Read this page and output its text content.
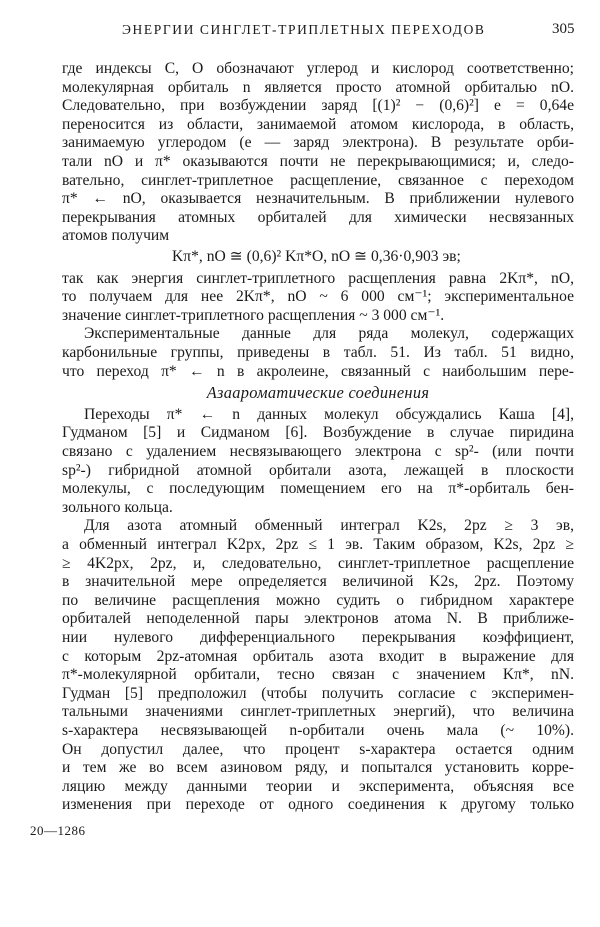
ЭНЕРГИИ СИНГЛЕТ-ТРИПЛЕТНЫХ ПЕРЕХОДОВ	305
где индексы С, О обозначают углерод и кислород соответственно;
молекулярная орбиталь n является просто атомной орбиталью nO.
Следовательно, при возбуждении заряд [(1)² − (0,6)²] e = 0,64e
переносится из области, занимаемой атомом кислорода, в область,
занимаемую углеродом (e — заряд электрона). В результате орби-
тали nO и π* оказываются почти не перекрывающимися; и, следо-
вательно, синглет-триплетное расщепление, связанное с переходом
π* ← nO, оказывается незначительным. В приближении нулевого
перекрывания атомных орбиталей для химически несвязанных
атомов получим
Kπ*, nO ≅ (0,6)² Kπ*O, nO ≅ 0,36·0,903 эв;
так как энергия синглет-триплетного расщепления равна 2Kπ*, nO,
то получаем для нее 2Kπ*, nO ~ 6 000 см⁻¹; экспериментальное
значение синглет-триплетного расщепления ~ 3 000 см⁻¹.
Экспериментальные данные для ряда молекул, содержащих
карбонильные группы, приведены в табл. 51. Из табл. 51 видно,
что переход π* ← n в акролеине, связанный с наибольшим пере-
Азаароматические соединения
Переходы π* ← n данных молекул обсуждались Каша [4],
Гудманом [5] и Сидманом [6]. Возбуждение в случае пиридина
связано с удалением несвязывающего электрона с sp²- (или почти
sp²-) гибридной атомной орбитали азота, лежащей в плоскости
молекулы, с последующим помещением его на π*-орбиталь бен-
зольного кольца.
Для азота атомный обменный интеграл K2s, 2pz ≥ 3 эв,
а обменный интеграл K2px, 2pz ≤ 1 эв. Таким образом, K2s, 2pz ≥
≥ 4K2px, 2pz, и, следовательно, синглет-триплетное расщепление
в значительной мере определяется величиной K2s, 2pz. Поэтому
по величине расщепления можно судить о гибридном характере
орбиталей неподеленной пары электронов атома N. В приближе-
нии нулевого дифференциального перекрывания коэффициент,
с которым 2pz-атомная орбиталь азота входит в выражение для
π*-молекулярной орбитали, тесно связан с значением Kπ*, nN.
Гудман [5] предположил (чтобы получить согласие с эксперимен-
тальными значениями синглет-триплетных энергий), что величина
s-характера несвязывающей n-орбитали очень мала (~ 10%).
Он допустил далее, что процент s-характера остается одним
и тем же во всем азиновом ряду, и попытался установить корре-
20—1286
ляцию между данными теории и эксперимента, объясняя все
изменения при переходе от одного соединения к другому только
